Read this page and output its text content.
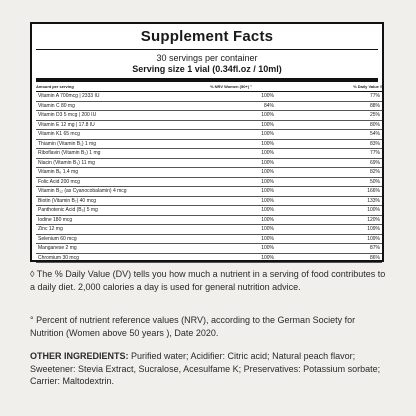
Supplement Facts
30 servings per container
Serving size 1 vial (0.34fl.oz / 10ml)
Amount per serving	% NRV Women (50+) °	% Daily Value ◊
Vitamin A 700mcg | 2333 IU	100%	77%
Vitamin C 80 mg	84%	88%
Vitamin D3 5 mcg | 200 IU	100%	25%
Vitamin E 12 mg | 17.8 IU	100%	80%
Vitamin K1 65 mcg	100%	54%
Thiamin (Vitamin B₁) 1 mg	100%	83%
Riboflavin (Vitamin B₂) 1 mg	100%	77%
Niacin (Vitamin B₃) 11 mg	100%	69%
Vitamin B₆ 1.4 mg	100%	82%
Folic Acid 200 mcg	100%	50%
Vitamin B₁₂ (as Cyanocobalamin) 4 mcg	100%	166%
Biotin (Vitamin B₇) 40 mcg	100%	133%
Panthotenic Acid (B₅) 5 mg	100%	100%
Iodine 180 mcg	100%	120%
Zinc 12 mg	100%	109%
Selenium 60 mcg	100%	109%
Manganese 2 mg	100%	87%
Chromium 30 mcg	100%	86%
◊ The % Daily Value (DV) tells you how much a nutrient in a serving of food contributes to a daily diet. 2,000 calories a day is used for general nutrition advice.
° Percent of nutrient reference values (NRV), according to the German Society for Nutrition (Women above 50 years ), Date 2020.
OTHER INGREDIENTS: Purified water; Acidifier: Citric acid; Natural peach flavor; Sweetener: Stevia Extract, Sucralose, Acesulfame K; Preservatives: Potassium sorbate; Carrier: Maltodextrin.
